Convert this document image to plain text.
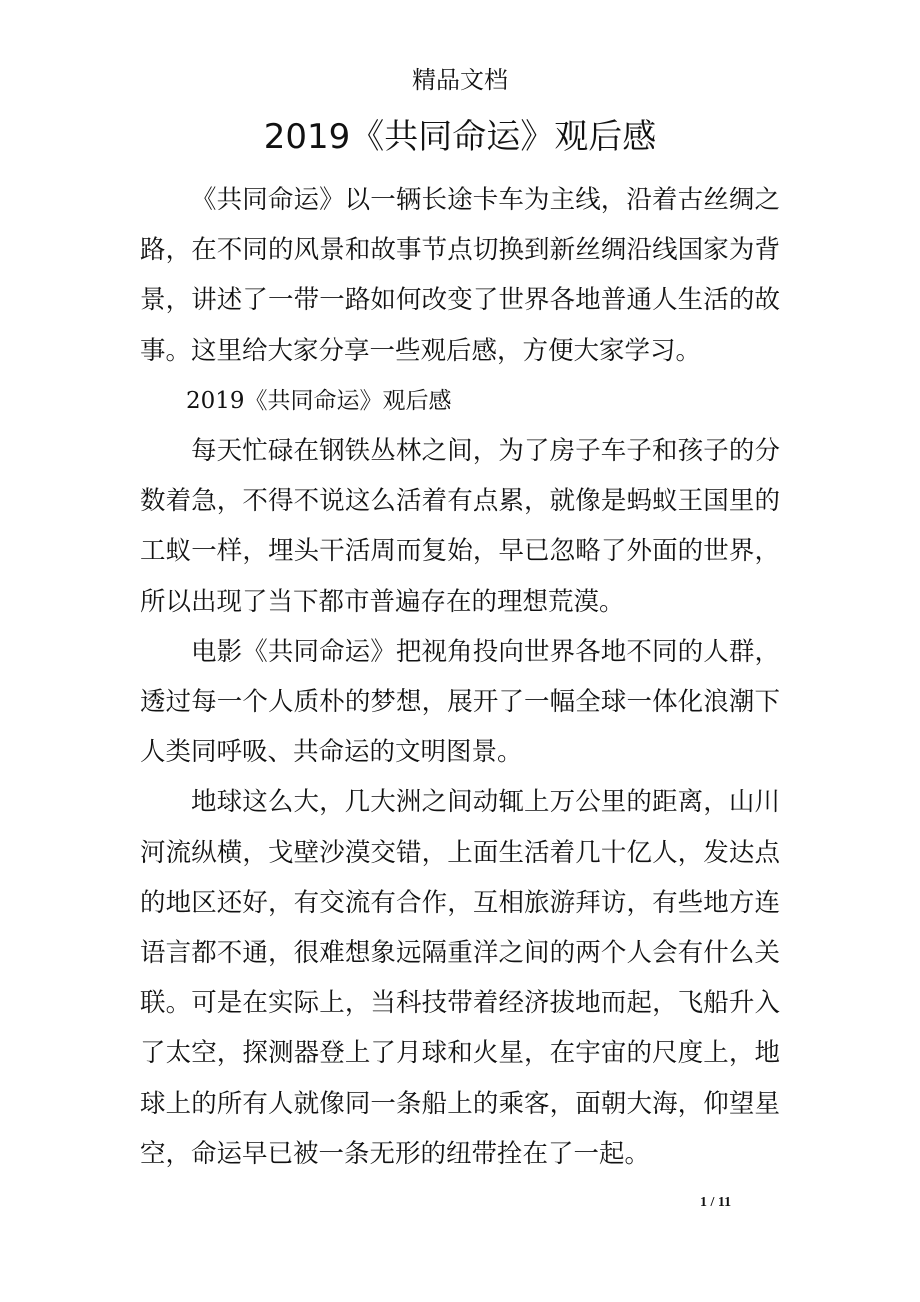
精品文档
2019《共同命运》观后感

《共同命运》以一辆长途卡车为主线，沿着古丝绸之路，在不同的风景和故事节点切换到新丝绸沿线国家为背景，讲述了一带一路如何改变了世界各地普通人生活的故事。这里给大家分享一些观后感，方便大家学习。

2019《共同命运》观后感

每天忙碌在钢铁丛林之间，为了房子车子和孩子的分数着急，不得不说这么活着有点累，就像是蚂蚁王国里的工蚁一样，埋头干活周而复始，早已忽略了外面的世界，所以出现了当下都市普遍存在的理想荒漠。

电影《共同命运》把视角投向世界各地不同的人群，透过每一个人质朴的梦想，展开了一幅全球一体化浪潮下人类同呼吸、共命运的文明图景。

地球这么大，几大洲之间动辄上万公里的距离，山川河流纵横，戈壁沙漠交错，上面生活着几十亿人，发达点的地区还好，有交流有合作，互相旅游拜访，有些地方连语言都不通，很难想象远隔重洋之间的两个人会有什么关联。可是在实际上，当科技带着经济拔地而起，飞船升入了太空，探测器登上了月球和火星，在宇宙的尺度上，地球上的所有人就像同一条船上的乘客，面朝大海，仰望星空，命运早已被一条无形的纽带拴在了一起。

1 / 11
